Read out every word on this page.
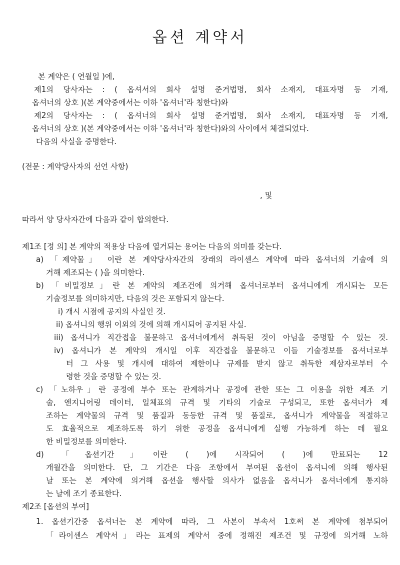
옵션 계약서
본 계약은 ( 연월일 )에,
제1의 당사자는 : ( 옵셔서의 회사 설명 준거법명, 회사 소재지, 대표자명 등 기재,
옵셔너의 상호 )(본 계약중에서는 이하 '옵셔너'라 칭한다)와
제2의 당사자는 : ( 옵셔너의 회사 설명 준거법명, 회사 소재지, 대표자명 등 기재,
옵셔너의 상호 )(본 계약중에서는 이하 '옵셔너'라 칭한다)와의 사이에서 체결되었다.
다음의 사실을 증명한다.
(전문 : 계약당사자의 선언 사항)
, 및
따라서 양 당사자간에 다음과 같이 합의한다.
제1조 [정 의] 본 계약의 적용상 다음에 열거되는 용어는 다음의 의미를 갖는다.
a) 「제약물」 이란 본 계약당사자간의 장래의 라이센스 계약에 따라 옵셔너의 기술에 의
거해 제조되는 ( )을 의미한다.
b) 「비밀정보」란 본 계약의 제조건에 의거해 옵셔너로부터 옵셔니에게 개시되는 모든
기술정보를 의미하지만, 다음의 것은 포함되지 않는다.
i) 개시 시점에 공지의 사실인 것.
ii) 옵셔니의 행위 이외의 것에 의해 개시되어 공지된 사실.
iii) 옵셔니가 직간접을 불문하고 옵셔너에게서 취득된 것이 아님을 증명할 수 있는 것.
iv) 옵셔니가 본 계약의 개시일 이후 직간접을 불문하고 이들 기술정보를 옵셔너로부
터 그 사용 및 개시에 대하여 제한이나 규제를 받지 않고 취득한 제삼자로부터 수
령한 것을 증명할 수 있는 것.
c) 「노하우」란 공정에 부수 또는 관계하거나 공정에 관한 또는 그 이용을 위한 제조 기
술, 엔지니어링 데이터, 일체표의 규격 및 기타의 기술로 구성되고, 또한 옵셔너가 제
조하는 계약물의 규격 및 품질과 동등한 규격 및 품질로, 옵셔니가 계약물을 적절하고
도 효율적으로 제조하도록 하기 위한 공정을 옵셔니에게 실행 가능하게 하는 데 필요
한 비밀정보를 의미한다.
d) 「옵션기간」이란 ( )에 시작되어 ( )에 만료되는 12
개월간을 의미한다. 단, 그 기간은 다음 조항에서 부여된 옵션이 옵셔니에 의해 행사된
날 또는 본 계약에 의거해 옵션을 행사할 의사가 없음을 옵셔니가 옵셔너에게 통지하
는 날에 조기 종료한다.
제2조 [옵션의 부여]
1. 옵션기간중 옵셔너는 본 계약에 따라, 그 사본이 부속서 1호써 본 계약에 첨부되어
「라이센스 계약서」라는 표제의 계약서 중에 정해진 제조건 및 규정에 의거해 노하
